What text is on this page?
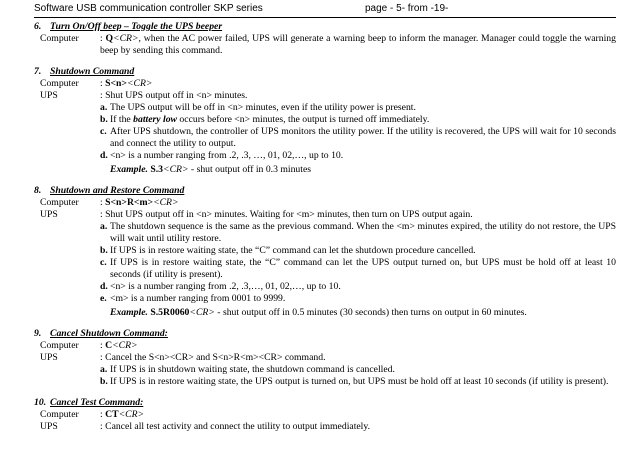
Software USB communication controller SKP series	page - 5- from -19-
6. Turn On/Off beep – Toggle the UPS beeper
Computer	: Q<CR>, when the AC power failed, UPS will generate a warning beep to inform the manager. Manager could toggle the warning beep by sending this command.
7. Shutdown Command
Computer	: S<n><CR>
UPS	: Shut UPS output off in <n> minutes.
a. The UPS output will be off in <n> minutes, even if the utility power is present.
b. If the battery low occurs before <n> minutes, the output is turned off immediately.
c. After UPS shutdown, the controller of UPS monitors the utility power. If the utility is recovered, the UPS will wait for 10 seconds and connect the utility to output.
d. <n> is a number ranging from .2, .3, …, 01, 02,…, up to 10.
Example. S.3<CR> - shut output off in 0.3 minutes
8. Shutdown and Restore Command
Computer	: S<n>R<m><CR>
UPS	: Shut UPS output off in <n> minutes. Waiting for <m> minutes, then turn on UPS output again.
a. The shutdown sequence is the same as the previous command. When the <m> minutes expired, the utility do not restore, the UPS will wait until utility restore.
b. If UPS is in restore waiting state, the “C” command can let the shutdown procedure cancelled.
c. If UPS is in restore waiting state, the “C” command can let the UPS output turned on, but UPS must be hold off at least 10 seconds (if utility is present).
d. <n> is a number ranging from .2, .3,…, 01, 02,…, up to 10.
e. <m> is a number ranging from 0001 to 9999.
Example. S.5R0060<CR> - shut output off in 0.5 minutes (30 seconds) then turns on output in 60 minutes.
9. Cancel Shutdown Command:
Computer	: C<CR>
UPS	: Cancel the S<n><CR> and S<n>R<m><CR> command.
a. If UPS is in shutdown waiting state, the shutdown command is cancelled.
b. If UPS is in restore waiting state, the UPS output is turned on, but UPS must be hold off at least 10 seconds (if utility is present).
10. Cancel Test Command:
Computer	: CT<CR>
UPS	: Cancel all test activity and connect the utility to output immediately.
